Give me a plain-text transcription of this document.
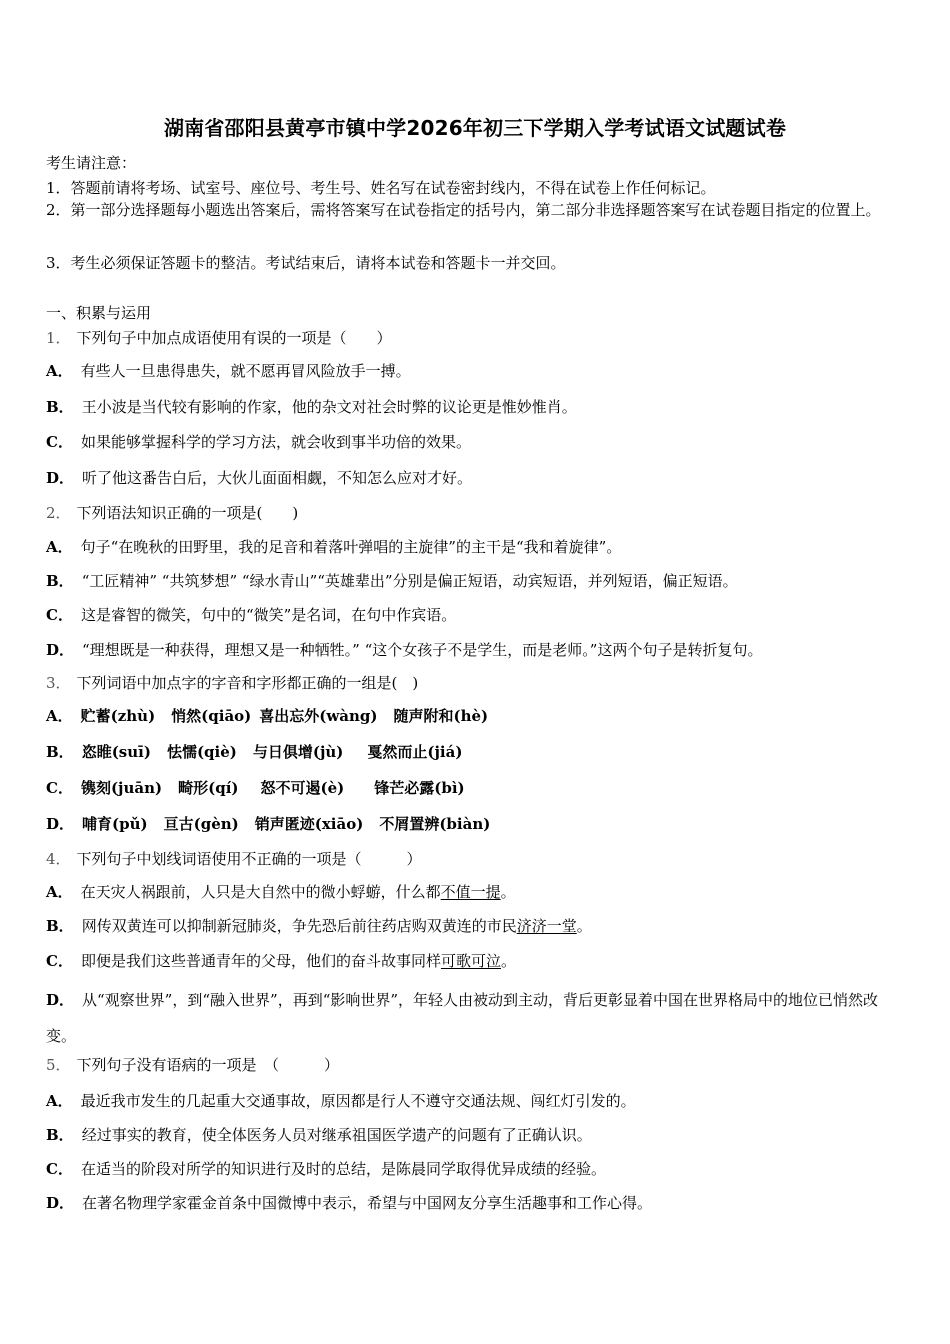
湖南省邵阳县黄亭市镇中学2026年初三下学期入学考试语文试题试卷
考生请注意：
1．答题前请将考场、试室号、座位号、考生号、姓名写在试卷密封线内，不得在试卷上作任何标记。
2．第一部分选择题每小题选出答案后，需将答案写在试卷指定的括号内，第二部分非选择题答案写在试卷题目指定的位置上。
3．考生必须保证答题卡的整洁。考试结束后，请将本试卷和答题卡一并交回。
一、积累与运用
1． 下列句子中加点成语使用有误的一项是（　　）
A． 有些人一旦患得患失，就不愿再冒风险放手一搏。
B． 王小波是当代较有影响的作家，他的杂文对社会时弊的议论更是惟妙惟肖。
C． 如果能够掌握科学的学习方法，就会收到事半功倍的效果。
D． 听了他这番告白后，大伙儿面面相觑，不知怎么应对才好。
2． 下列语法知识正确的一项是(　　)
A． 句子“在晚秋的田野里，我的足音和着落叶弹唱的主旋律”的主干是“我和着旋律”。
B． “工匠精神” “共筑梦想” “绿水青山”“英雄辈出”分别是偏正短语，动宾短语，并列短语，偏正短语。
C． 这是睿智的微笑，句中的“微笑”是名词，在句中作宾语。
D． “理想既是一种获得，理想又是一种牺牲。” “这个女孩子不是学生，而是老师。”这两个句子是转折复句。
3． 下列词语中加点字的字音和字形都正确的一组是(　)
A． 贮蓄(zhù) 悄然(qiāo) 喜出忘外(wàng) 随声附和(hè)
B． 恣睢(suī) 怯懦(qiè) 与日俱增(jù) 戛然而止(jiá)
C． 镌刻(juān) 畸形(qí) 怒不可遏(è) 锋芒必露(bì)
D． 哺育(pǔ) 亘古(gèn) 销声匿迹(xiāo) 不屑置辨(biàn)
4． 下列句子中划线词语使用不正确的一项是（　　　）
A． 在天灾人祸跟前，人只是大自然中的微小蜉蝣，什么都不值一提。
B． 网传双黄连可以抑制新冠肺炎，争先恐后前往药店购双黄连的市民济济一堂。
C． 即便是我们这些普通青年的父母，他们的奋斗故事同样可歌可泣。
D． 从“观察世界”，到“融入世界”，再到“影响世界”，年轻人由被动到主动，背后更彰显着中国在世界格局中的地位已悄然改变。
5． 下列句子没有语病的一项是　（　　　）
A． 最近我市发生的几起重大交通事故，原因都是行人不遵守交通法规、闯红灯引发的。
B． 经过事实的教育，使全体医务人员对继承祖国医学遗产的问题有了正确认识。
C． 在适当的阶段对所学的知识进行及时的总结，是陈晨同学取得优异成绩的经验。
D． 在著名物理学家霍金首条中国微博中表示，希望与中国网友分享生活趣事和工作心得。
